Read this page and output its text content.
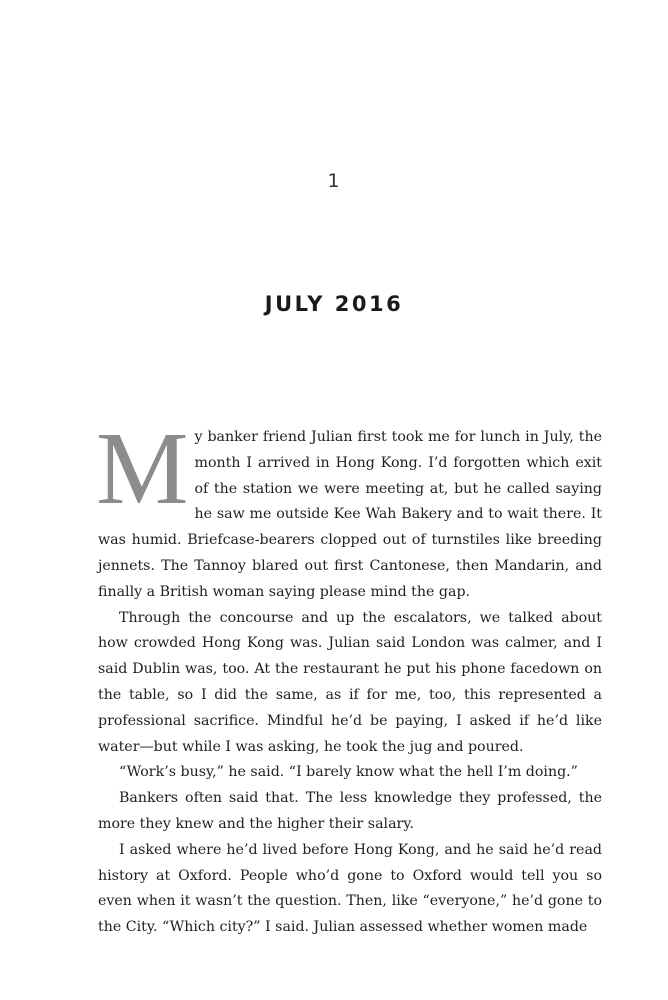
1
JULY 2016

My banker friend Julian first took me for lunch in July, the month I arrived in Hong Kong. I’d forgotten which exit of the station we were meeting at, but he called saying he saw me outside Kee Wah Bakery and to wait there. It was humid. Briefcase-bearers clopped out of turnstiles like breeding jennets. The Tannoy blared out first Cantonese, then Mandarin, and finally a British woman saying please mind the gap.

Through the concourse and up the escalators, we talked about how crowded Hong Kong was. Julian said London was calmer, and I said Dublin was, too. At the restaurant he put his phone facedown on the table, so I did the same, as if for me, too, this represented a professional sacrifice. Mindful he’d be paying, I asked if he’d like water—but while I was asking, he took the jug and poured.

“Work’s busy,” he said. “I barely know what the hell I’m doing.”

Bankers often said that. The less knowledge they professed, the more they knew and the higher their salary.

I asked where he’d lived before Hong Kong, and he said he’d read history at Oxford. People who’d gone to Oxford would tell you so even when it wasn’t the question. Then, like “everyone,” he’d gone to the City. “Which city?” I said. Julian assessed whether women made
